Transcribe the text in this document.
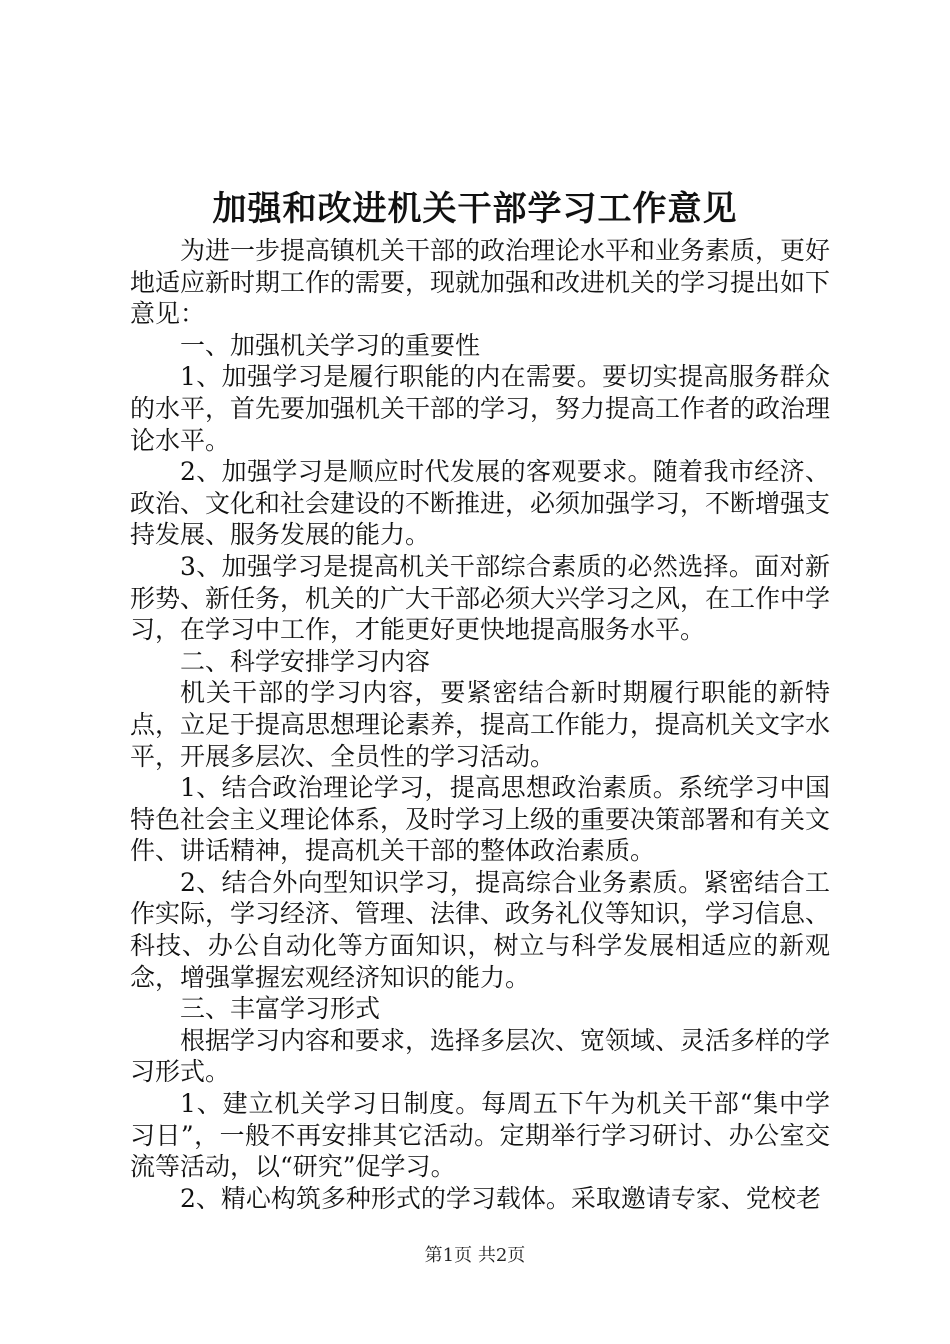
加强和改进机关干部学习工作意见

为进一步提高镇机关干部的政治理论水平和业务素质，更好地适应新时期工作的需要，现就加强和改进机关的学习提出如下意见：

一、加强机关学习的重要性

1、加强学习是履行职能的内在需要。要切实提高服务群众的水平，首先要加强机关干部的学习，努力提高工作者的政治理论水平。

2、加强学习是顺应时代发展的客观要求。随着我市经济、政治、文化和社会建设的不断推进，必须加强学习，不断增强支持发展、服务发展的能力。

3、加强学习是提高机关干部综合素质的必然选择。面对新形势、新任务，机关的广大干部必须大兴学习之风，在工作中学习，在学习中工作，才能更好更快地提高服务水平。

二、科学安排学习内容

机关干部的学习内容，要紧密结合新时期履行职能的新特点，立足于提高思想理论素养，提高工作能力，提高机关文字水平，开展多层次、全员性的学习活动。

1、结合政治理论学习，提高思想政治素质。系统学习中国特色社会主义理论体系，及时学习上级的重要决策部署和有关文件、讲话精神，提高机关干部的整体政治素质。

2、结合外向型知识学习，提高综合业务素质。紧密结合工作实际，学习经济、管理、法律、政务礼仪等知识，学习信息、科技、办公自动化等方面知识，树立与科学发展相适应的新观念，增强掌握宏观经济知识的能力。

三、丰富学习形式

根据学习内容和要求，选择多层次、宽领域、灵活多样的学习形式。

1、建立机关学习日制度。每周五下午为机关干部“集中学习日”，一般不再安排其它活动。定期举行学习研讨、办公室交流等活动，以“研究”促学习。

2、精心构筑多种形式的学习载体。采取邀请专家、党校老

第1页 共2页
